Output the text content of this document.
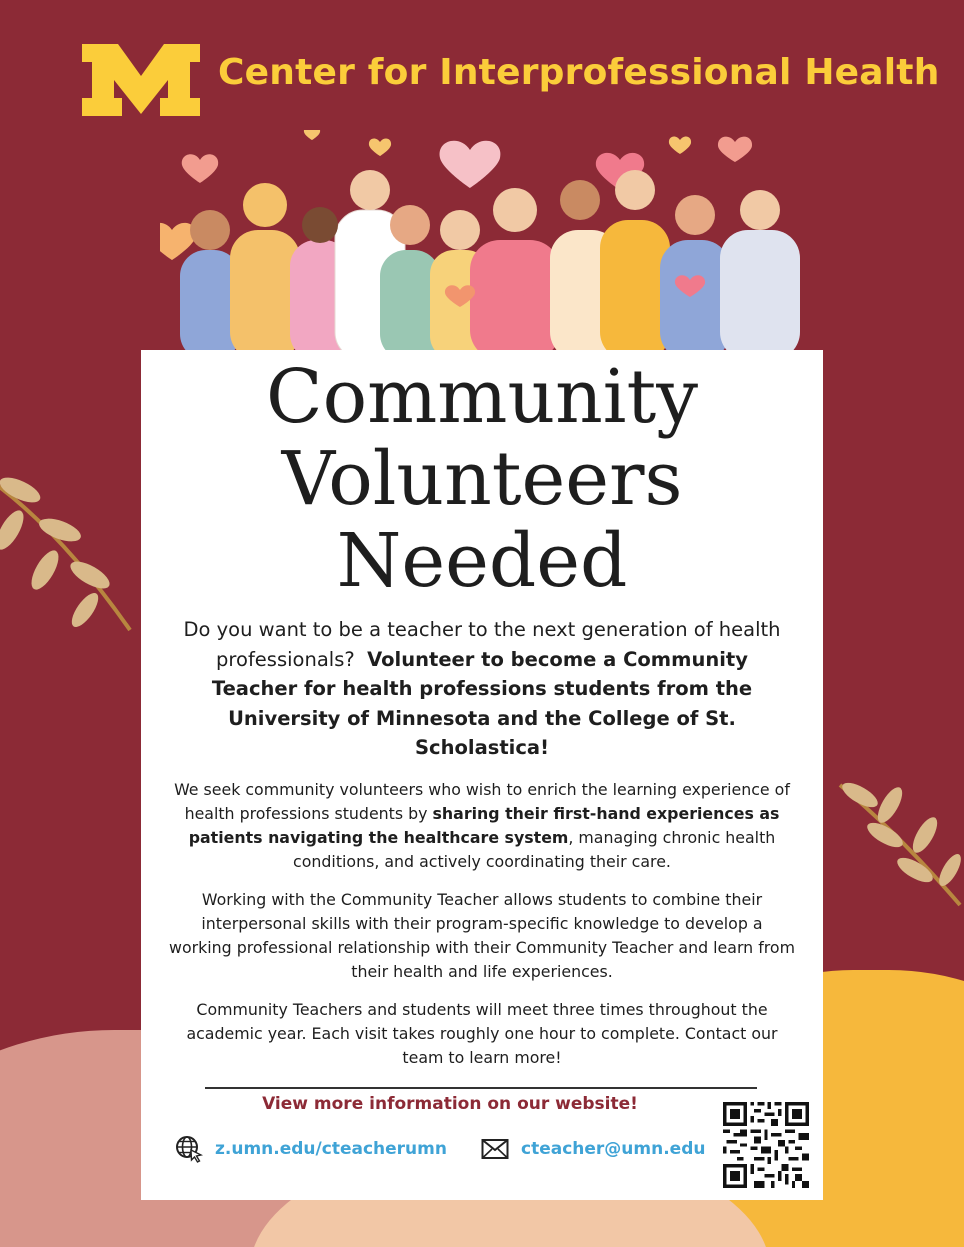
Center for Interprofessional Health
Community
Volunteers
Needed
Do you want to be a teacher to the next generation of health professionals? Volunteer to become a Community Teacher for health professions students from the University of Minnesota and the College of St. Scholastica!
We seek community volunteers who wish to enrich the learning experience of health professions students by sharing their first-hand experiences as patients navigating the healthcare system, managing chronic health conditions, and actively coordinating their care.
Working with the Community Teacher allows students to combine their interpersonal skills with their program-specific knowledge to develop a working professional relationship with their Community Teacher and learn from their health and life experiences.
Community Teachers and students will meet three times throughout the academic year. Each visit takes roughly one hour to complete. Contact our team to learn more!
View more information on our website!
z.umn.edu/cteacherumn	cteacher@umn.edu
